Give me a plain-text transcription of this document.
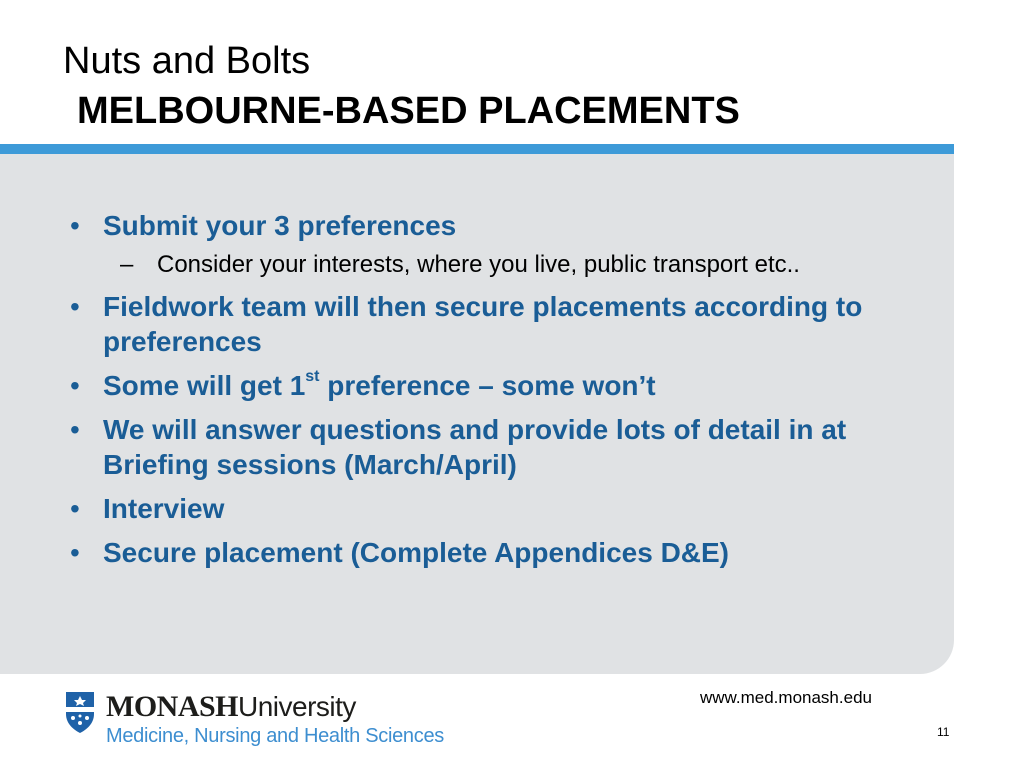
Nuts and Bolts
MELBOURNE-BASED PLACEMENTS
• Submit your 3 preferences
– Consider your interests, where you live, public transport etc..
• Fieldwork team will then secure placements according to preferences
• Some will get 1st preference – some won’t
• We will answer questions and provide lots of detail in at Briefing sessions (March/April)
• Interview
• Secure placement (Complete Appendices D&E)
MONASHUniversity
Medicine, Nursing and Health Sciences
www.med.monash.edu
11
